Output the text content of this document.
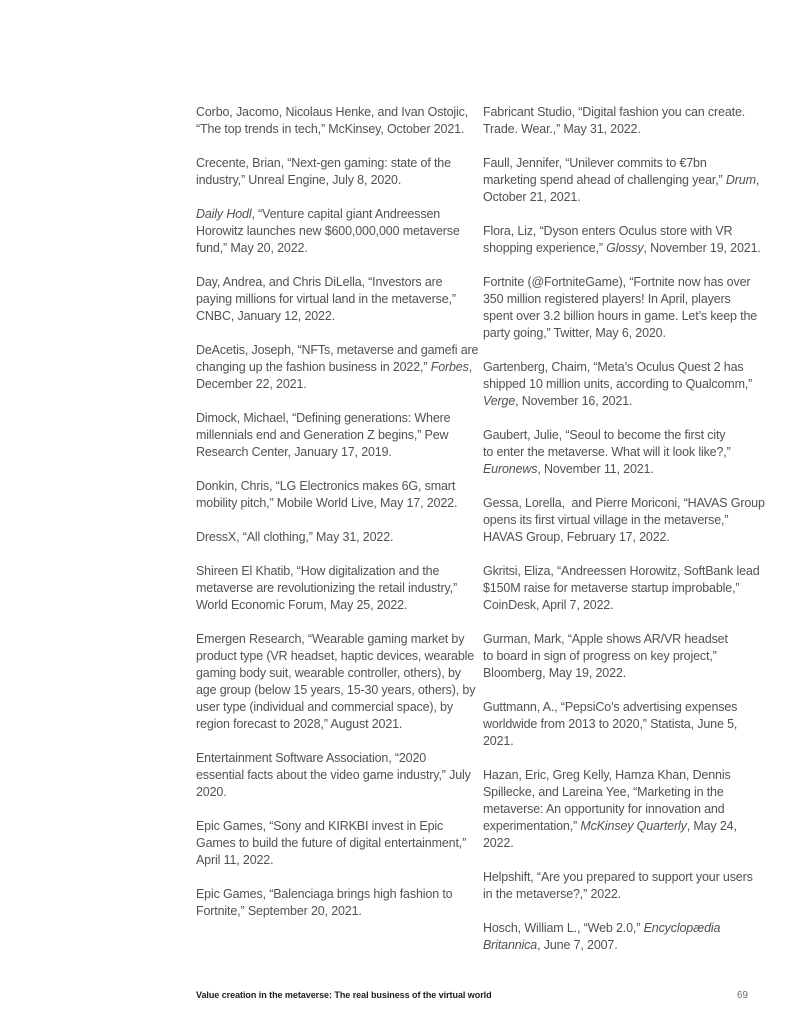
Corbo, Jacomo, Nicolaus Henke, and Ivan Ostojic,
“The top trends in tech,” McKinsey, October 2021.

Crecente, Brian, “Next-gen gaming: state of the
industry,” Unreal Engine, July 8, 2020.

Daily Hodl, “Venture capital giant Andreessen
Horowitz launches new $600,000,000 metaverse
fund,” May 20, 2022.

Day, Andrea, and Chris DiLella, “Investors are
paying millions for virtual land in the metaverse,”
CNBC, January 12, 2022.

DeAcetis, Joseph, “NFTs, metaverse and gamefi are
changing up the fashion business in 2022,” Forbes,
December 22, 2021.

Dimock, Michael, “Defining generations: Where
millennials end and Generation Z begins,” Pew
Research Center, January 17, 2019.

Donkin, Chris, “LG Electronics makes 6G, smart
mobility pitch,” Mobile World Live, May 17, 2022.

DressX, “All clothing,” May 31, 2022.

Shireen El Khatib, “How digitalization and the
metaverse are revolutionizing the retail industry,”
World Economic Forum, May 25, 2022.

Emergen Research, “Wearable gaming market by
product type (VR headset, haptic devices, wearable
gaming body suit, wearable controller, others), by
age group (below 15 years, 15-30 years, others), by
user type (individual and commercial space), by
region forecast to 2028,” August 2021.

Entertainment Software Association, “2020
essential facts about the video game industry,” July
2020.

Epic Games, “Sony and KIRKBI invest in Epic
Games to build the future of digital entertainment,”
April 11, 2022.

Epic Games, “Balenciaga brings high fashion to
Fortnite,” September 20, 2021.

Fabricant Studio, “Digital fashion you can create.
Trade. Wear.,” May 31, 2022.

Faull, Jennifer, “Unilever commits to €7bn
marketing spend ahead of challenging year,” Drum,
October 21, 2021.

Flora, Liz, “Dyson enters Oculus store with VR
shopping experience,” Glossy, November 19, 2021.

Fortnite (@FortniteGame), “Fortnite now has over
350 million registered players! In April, players
spent over 3.2 billion hours in game. Let’s keep the
party going,” Twitter, May 6, 2020.

Gartenberg, Chaim, “Meta’s Oculus Quest 2 has
shipped 10 million units, according to Qualcomm,”
Verge, November 16, 2021.

Gaubert, Julie, “Seoul to become the first city
to enter the metaverse. What will it look like?,”
Euronews, November 11, 2021.

Gessa, Lorella,  and Pierre Moriconi, “HAVAS Group
opens its first virtual village in the metaverse,”
HAVAS Group, February 17, 2022.

Gkritsi, Eliza, “Andreessen Horowitz, SoftBank lead
$150M raise for metaverse startup improbable,”
CoinDesk, April 7, 2022.

Gurman, Mark, “Apple shows AR/VR headset
to board in sign of progress on key project,”
Bloomberg, May 19, 2022.

Guttmann, A., “PepsiCo’s advertising expenses
worldwide from 2013 to 2020,” Statista, June 5,
2021.

Hazan, Eric, Greg Kelly, Hamza Khan, Dennis
Spillecke, and Lareina Yee, “Marketing in the
metaverse: An opportunity for innovation and
experimentation,” McKinsey Quarterly, May 24,
2022.

Helpshift, “Are you prepared to support your users
in the metaverse?,” 2022.

Hosch, William L., “Web 2.0,” Encyclopædia
Britannica, June 7, 2007.

Value creation in the metaverse: The real business of the virtual world	69
